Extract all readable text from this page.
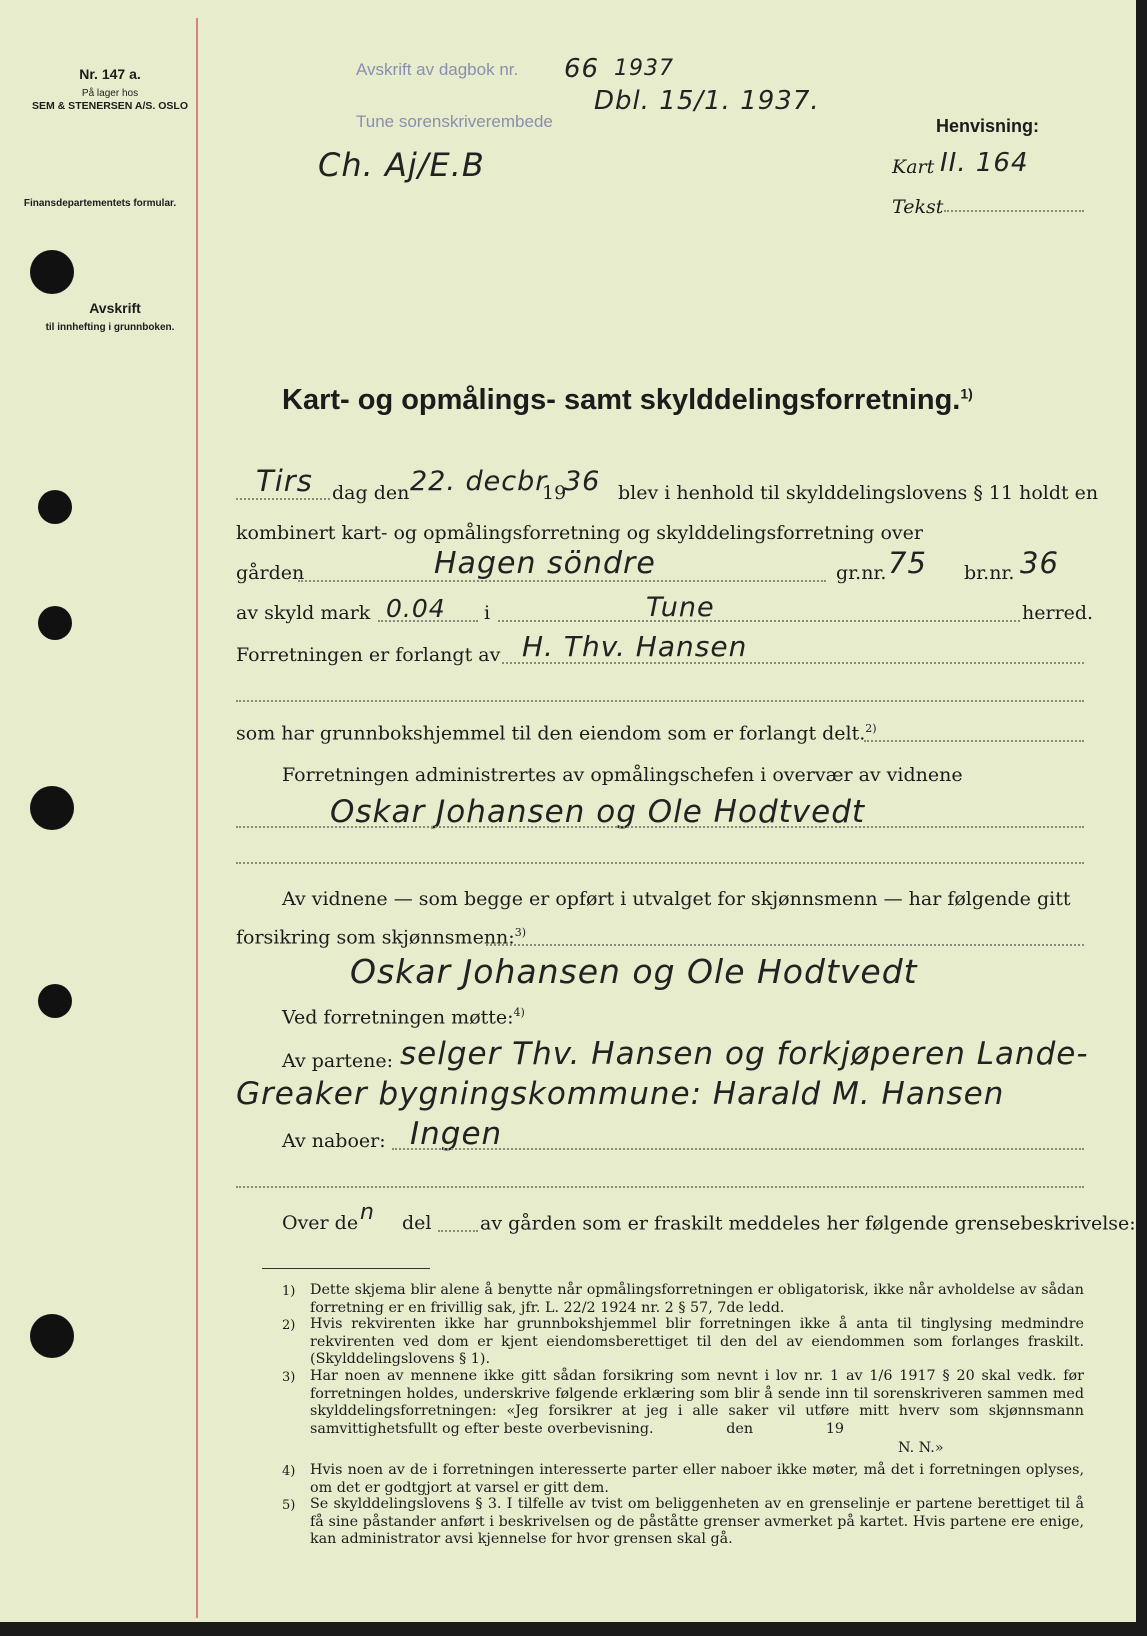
Nr. 147 a.
På lager hos
SEM & STENERSEN A/S. OSLO
Finansdepartementets formular.
Avskrift
til innhefting i grunnboken.
Avskrift av dagbok nr.
Tune sorenskriverembede
66 1937
Dbl. 15/1. 1937.
Ch. Aj/E.B
Henvisning:
Kart II. 164
Tekst
Kart- og opmålings- samt skylddelingsforretning.$^{1)}$
Tirs dag den 22. decbr
19
36 blev i henhold til skylddelingslovens § 11 holdt en
kombinert kart- og opmålingsforretning og skylddelingsforretning over
gården	Hagen söndre	gr.nr. 75 br.nr. 36
av skyld mark 0.04 i	Tune	herred.
Forretningen er forlangt av H. Thv. Hansen
som har grunnbokshjemmel til den eiendom som er forlangt delt.$^{2)}$
Forretningen administrertes av opmålingschefen i overvær av vidnene
Oskar Johansen og Ole Hodtvedt
Av vidnene — som begge er opført i utvalget for skjønnsmenn — har følgende gitt
forsikring som skjønnsmenn:$^{3)}$
Oskar Johansen og Ole Hodtvedt
Ved forretningen møtte:$^{4)}$
Av partene: selger Thv. Hansen og forkjøperen Lande-
Greaker bygningskommune: Harald M. Hansen
Av naboer: Ingen
Over de n del	av gården som er fraskilt meddeles her følgende grensebeskrivelse:$^{5)}$
1) Dette skjema blir alene å benytte når opmålingsforretningen er obligatorisk, ikke når avholdelse av sådan forretning er en frivillig sak, jfr. L. 22/2 1924 nr. 2 § 57, 7de ledd.
2) Hvis rekvirenten ikke har grunnbokshjemmel blir forretningen ikke å anta til tinglysing medmindre rekvirenten ved dom er kjent eiendomsberettiget til den del av eiendommen som forlanges fraskilt. (Skylddelingslovens § 1).
3) Har noen av mennene ikke gitt sådan forsikring som nevnt i lov nr. 1 av 1/6 1917 § 20 skal vedk. før forretningen holdes, underskrive følgende erklæring som blir å sende inn til sorenskriveren sammen med skylddelingsforretningen: «Jeg forsikrer at jeg i alle saker vil utføre mitt hverv som skjønnsmann samvittighetsfullt og efter beste overbevisning.                den                19
N. N.»
4) Hvis noen av de i forretningen interesserte parter eller naboer ikke møter, må det i forretningen oplyses, om det er godtgjort at varsel er gitt dem.
5) Se skylddelingslovens § 3. I tilfelle av tvist om beliggenheten av en grenselinje er partene berettiget til å få sine påstander anført i beskrivelsen og de påståtte grenser avmerket på kartet. Hvis partene ere enige, kan administrator avsi kjennelse for hvor grensen skal gå.
